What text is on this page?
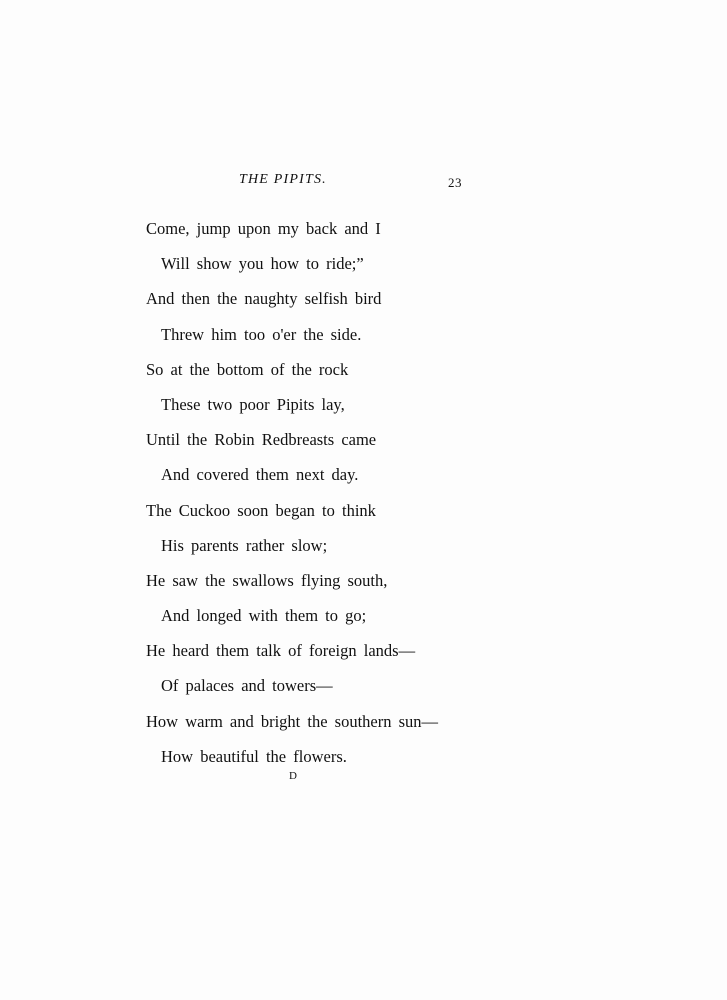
THE PIPITS.	23
Come, jump upon my back and I
Will show you how to ride;”
And then the naughty selfish bird
Threw him too o'er the side.
So at the bottom of the rock
These two poor Pipits lay,
Until the Robin Redbreasts came
And covered them next day.
The Cuckoo soon began to think
His parents rather slow;
He saw the swallows flying south,
And longed with them to go;
He heard them talk of foreign lands—
Of palaces and towers—
How warm and bright the southern sun—
How beautiful the flowers.
D
